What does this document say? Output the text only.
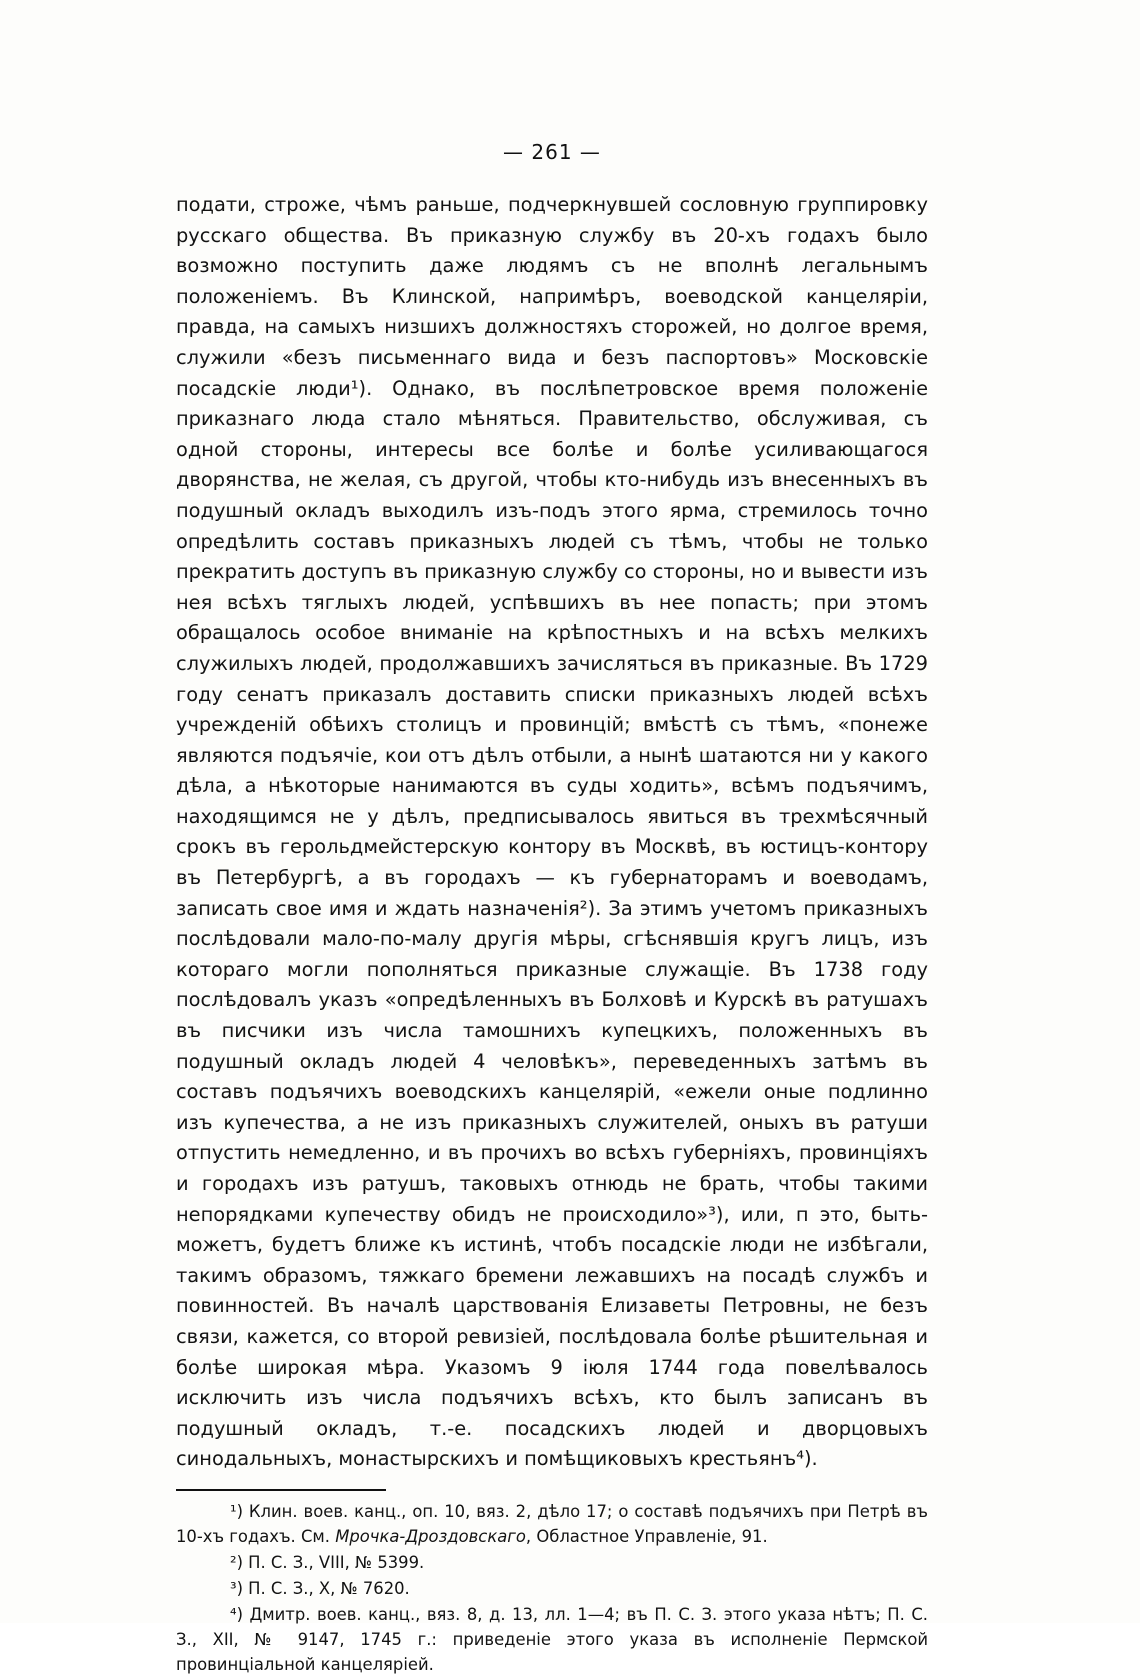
— 261 —

подати, строже, чѣмъ раньше, подчеркнувшей сословную группировку русскаго общества. Въ приказную службу въ 20-хъ годахъ было возможно поступить даже людямъ съ не вполнѣ легальнымъ положеніемъ. Въ Клинской, напримѣръ, воеводской канцеляріи, правда, на самыхъ низшихъ должностяхъ сторожей, но долгое время, служили «безъ письменнаго вида и безъ паспортовъ» Московскіе посадскіе люди¹). Однако, въ послѣпетровское время положеніе приказнаго люда стало мѣняться. Правительство, обслуживая, съ одной стороны, интересы все болѣе и болѣе усиливающагося дворянства, не желая, съ другой, чтобы кто-нибудь изъ внесенныхъ въ подушный окладъ выходилъ изъ-подъ этого ярма, стремилось точно опредѣлить составъ приказныхъ людей съ тѣмъ, чтобы не только прекратить доступъ въ приказную службу со стороны, но и вывести изъ нея всѣхъ тяглыхъ людей, успѣвшихъ въ нее попасть; при этомъ обращалось особое вниманіе на крѣпостныхъ и на всѣхъ мелкихъ служилыхъ людей, продолжавшихъ зачисляться въ приказные. Въ 1729 году сенатъ приказалъ доставить списки приказныхъ людей всѣхъ учрежденій обѣихъ столицъ и провинцій; вмѣстѣ съ тѣмъ, «понеже являются подъячіе, кои отъ дѣлъ отбыли, а нынѣ шатаются ни у какого дѣла, а нѣкоторые нанимаются въ суды ходить», всѣмъ подъячимъ, находящимся не у дѣлъ, предписывалось явиться въ трехмѣсячный срокъ въ герольдмейстерскую контору въ Москвѣ, въ юстицъ-контору въ Петербургѣ, а въ городахъ — къ губернаторамъ и воеводамъ, записать свое имя и ждать назначенія²). За этимъ учетомъ приказныхъ послѣдовали мало-по-малу другія мѣры, сгѣснявшія кругъ лицъ, изъ котораго могли пополняться приказные служащіе. Въ 1738 году послѣдовалъ указъ «опредѣленныхъ въ Болховѣ и Курскѣ въ ратушахъ въ писчики изъ числа тамошнихъ купецкихъ, положенныхъ въ подушный окладъ людей 4 человѣкъ», переведенныхъ затѣмъ въ составъ подъячихъ воеводскихъ канцелярій, «ежели оные подлинно изъ купечества, а не изъ приказныхъ служителей, оныхъ въ ратуши отпустить немедленно, и въ прочихъ во всѣхъ губерніяхъ, провинціяхъ и городахъ изъ ратушъ, таковыхъ отнюдь не брать, чтобы такими непорядками купечеству обидъ не происходило»³), или, п это, быть-можетъ, будетъ ближе къ истинѣ, чтобъ посадскіе люди не избѣгали, такимъ образомъ, тяжкаго бремени лежавшихъ на посадѣ службъ и повинностей. Въ началѣ царствованія Елизаветы Петровны, не безъ связи, кажется, со второй ревизіей, послѣдовала болѣе рѣшительная и болѣе широкая мѣра. Указомъ 9 іюля 1744 года повелѣвалось исключить изъ числа подъячихъ всѣхъ, кто былъ записанъ въ подушный окладъ, т.-е. посадскихъ людей и дворцовыхъ синодальныхъ, монастырскихъ и помѣщиковыхъ крестьянъ⁴).

¹) Клин. воев. канц., оп. 10, вяз. 2, дѣло 17; о составѣ подъячихъ при Петрѣ въ 10-хъ годахъ. См. Мрочка-Дроздовскаго, Областное Управленіе, 91.

²) П. С. З., VIII, № 5399.

³) П. С. З., X, № 7620.

⁴) Дмитр. воев. канц., вяз. 8, д. 13, лл. 1—4; въ П. С. З. этого указа нѣтъ; П. С. З., XII, № 9147, 1745 г.: приведеніе этого указа въ исполненіе Пермской провинціальной канцеляріей.
